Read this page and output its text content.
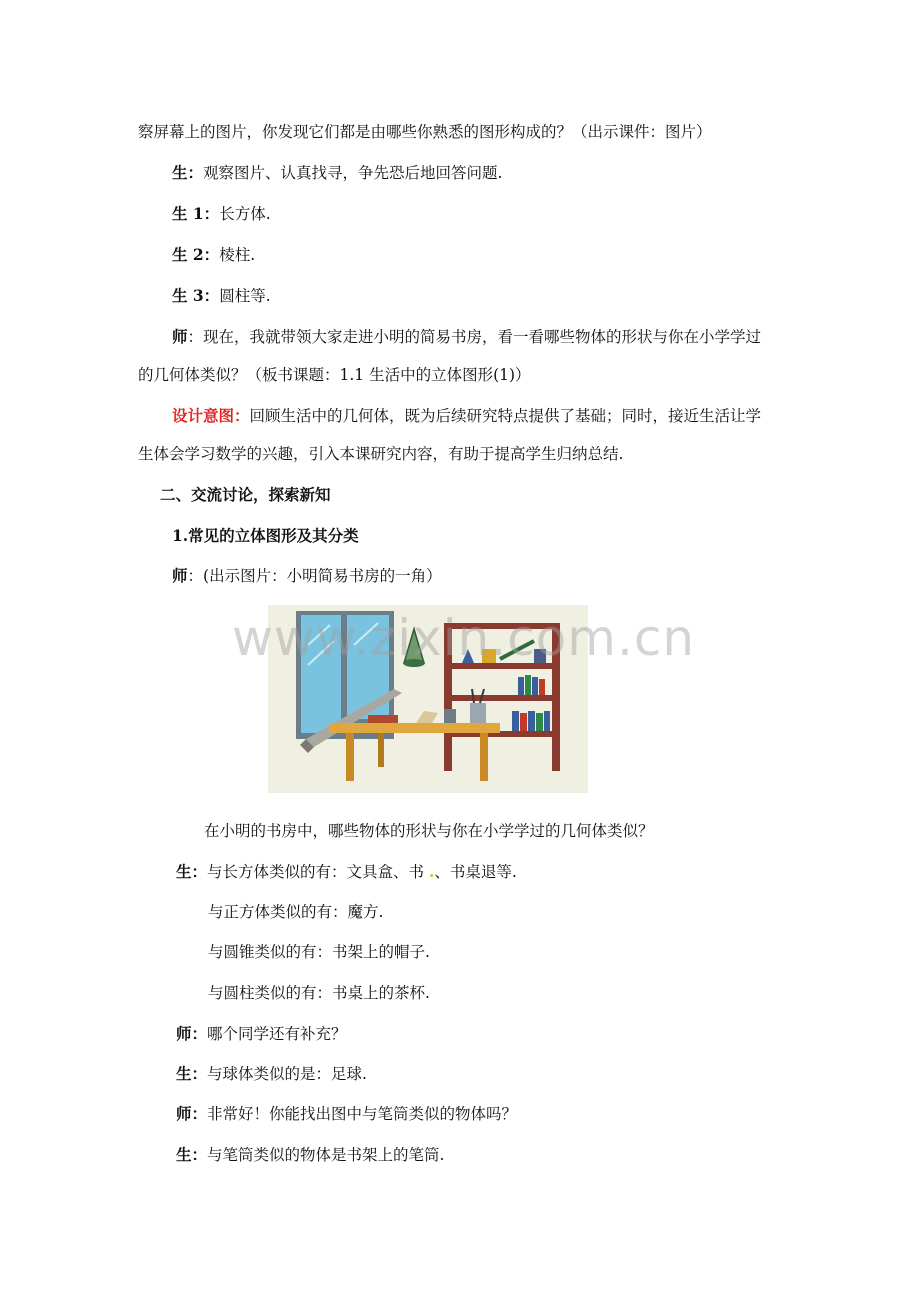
察屏幕上的图片，你发现它们都是由哪些你熟悉的图形构成的？（出示课件：图片）
生：观察图片、认真找寻，争先恐后地回答问题.
生 1：长方体.
生 2：棱柱.
生 3：圆柱等.
师：现在，我就带领大家走进小明的简易书房，看一看哪些物体的形状与你在小学学过
的几何体类似？（板书课题：1.1 生活中的立体图形(1)）
设计意图：回顾生活中的几何体，既为后续研究特点提供了基础；同时，接近生活让学
生体会学习数学的兴趣，引入本课研究内容，有助于提高学生归纳总结.
二、交流讨论，探索新知
1.常见的立体图形及其分类
师：(出示图片：小明简易书房的一角）
www.zixin.com.cn
在小明的书房中，哪些物体的形状与你在小学学过的几何体类似？
生：与长方体类似的有：文具盒、书 .、书桌退等.
与正方体类似的有：魔方.
与圆锥类似的有：书架上的帽子.
与圆柱类似的有：书桌上的茶杯.
师：哪个同学还有补充？
生：与球体类似的是：足球.
师：非常好！你能找出图中与笔筒类似的物体吗？
生：与笔筒类似的物体是书架上的笔筒.
